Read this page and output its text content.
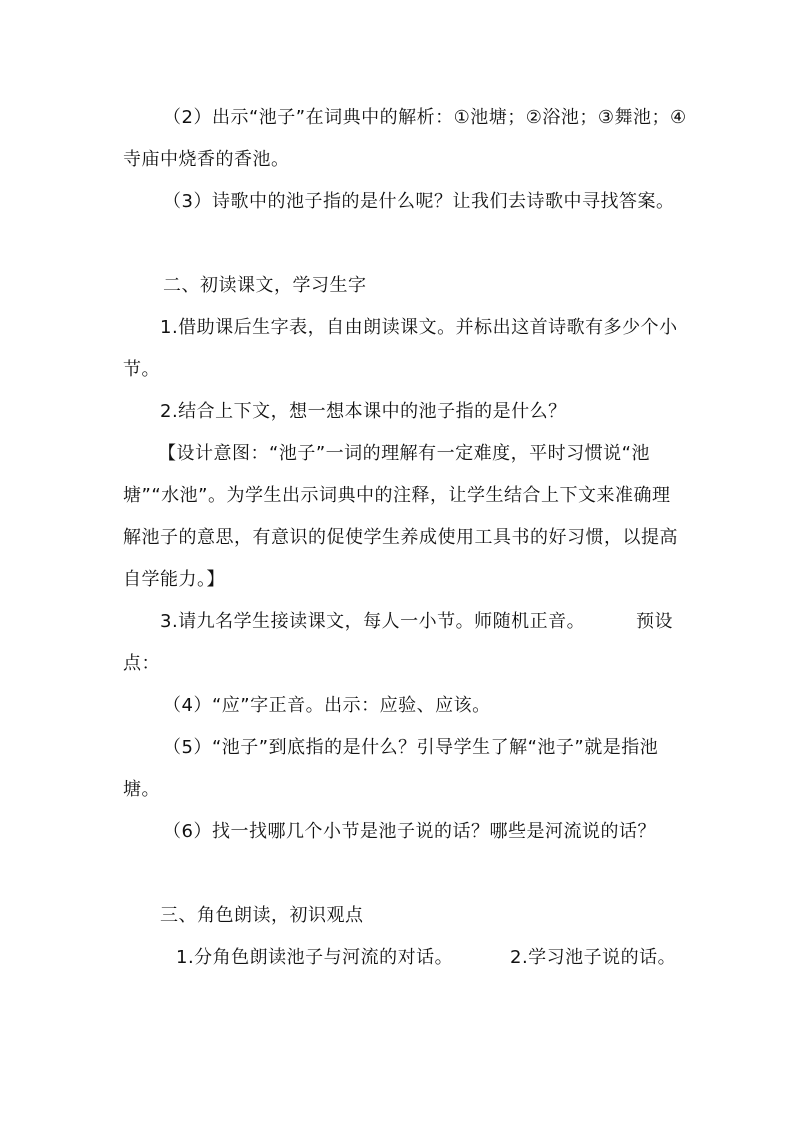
（2）出示“池子”在词典中的解析：①池塘；②浴池；③舞池；④
寺庙中烧香的香池。
（3）诗歌中的池子指的是什么呢？让我们去诗歌中寻找答案。
二、初读课文，学习生字
1.借助课后生字表，自由朗读课文。并标出这首诗歌有多少个小
节。
2.结合上下文，想一想本课中的池子指的是什么？
【设计意图：“池子”一词的理解有一定难度，平时习惯说“池
塘”“水池”。为学生出示词典中的注释，让学生结合上下文来准确理
解池子的意思，有意识的促使学生养成使用工具书的好习惯，以提高
自学能力。】
3.请九名学生接读课文，每人一小节。师随机正音。	预设
点：
（4）“应”字正音。出示：应验、应该。
（5）“池子”到底指的是什么？引导学生了解“池子”就是指池
塘。
（6）找一找哪几个小节是池子说的话？哪些是河流说的话？
三、角色朗读，初识观点
1.分角色朗读池子与河流的对话。	2.学习池子说的话。
